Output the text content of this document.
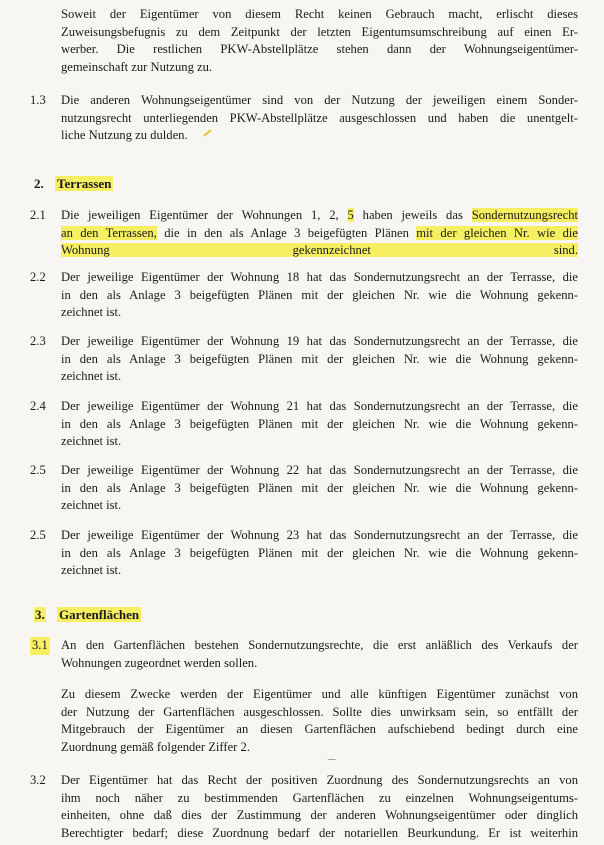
Soweit der Eigentümer von diesem Recht keinen Gebrauch macht, erlischt dieses
Zuweisungsbefugnis zu dem Zeitpunkt der letzten Eigentumsumschreibung auf einen Er-
werber. Die restlichen PKW-Abstellplätze stehen dann der Wohnungseigentümer-
gemeinschaft zur Nutzung zu.
1.3 Die anderen Wohnungseigentümer sind von der Nutzung der jeweiligen einem Sonder-
nutzungsrecht unterliegenden PKW-Abstellplätze ausgeschlossen und haben die unentgelt-
liche Nutzung zu dulden.
2. Terrassen
2.1 Die jeweiligen Eigentümer der Wohnungen 1, 2, 5 haben jeweils das Sondernutzungsrecht
an den Terrassen, die in den als Anlage 3 beigefügten Plänen mit der gleichen Nr. wie die
Wohnung gekennzeichnet sind.
2.2 Der jeweilige Eigentümer der Wohnung 18 hat das Sondernutzungsrecht an der Terrasse, die
in den als Anlage 3 beigefügten Plänen mit der gleichen Nr. wie die Wohnung gekenn-
zeichnet ist.
2.3 Der jeweilige Eigentümer der Wohnung 19 hat das Sondernutzungsrecht an der Terrasse, die
in den als Anlage 3 beigefügten Plänen mit der gleichen Nr. wie die Wohnung gekenn-
zeichnet ist.
2.4 Der jeweilige Eigentümer der Wohnung 21 hat das Sondernutzungsrecht an der Terrasse, die
in den als Anlage 3 beigefügten Plänen mit der gleichen Nr. wie die Wohnung gekenn-
zeichnet ist.
2.5 Der jeweilige Eigentümer der Wohnung 22 hat das Sondernutzungsrecht an der Terrasse, die
in den als Anlage 3 beigefügten Plänen mit der gleichen Nr. wie die Wohnung gekenn-
zeichnet ist.
2.5 Der jeweilige Eigentümer der Wohnung 23 hat das Sondernutzungsrecht an der Terrasse, die
in den als Anlage 3 beigefügten Plänen mit der gleichen Nr. wie die Wohnung gekenn-
zeichnet ist.
3. Gartenflächen
3.1 An den Gartenflächen bestehen Sondernutzungsrechte, die erst anläßlich des Verkaufs der
Wohnungen zugeordnet werden sollen.
Zu diesem Zwecke werden der Eigentümer und alle künftigen Eigentümer zunächst von
der Nutzung der Gartenflächen ausgeschlossen. Sollte dies unwirksam sein, so entfällt der
Mitgebrauch der Eigentümer an diesen Gartenflächen aufschiebend bedingt durch eine
Zuordnung gemäß folgender Ziffer 2.
‾‾
3.2 Der Eigentümer hat das Recht der positiven Zuordnung des Sondernutzungsrechts an von
ihm noch näher zu bestimmenden Gartenflächen zu einzelnen Wohnungseigentums-
einheiten, ohne daß dies der Zustimmung der anderen Wohnungseigentümer oder dinglich
Berechtigter bedarf; diese Zuordnung bedarf der notariellen Beurkundung. Er ist weiterhin
